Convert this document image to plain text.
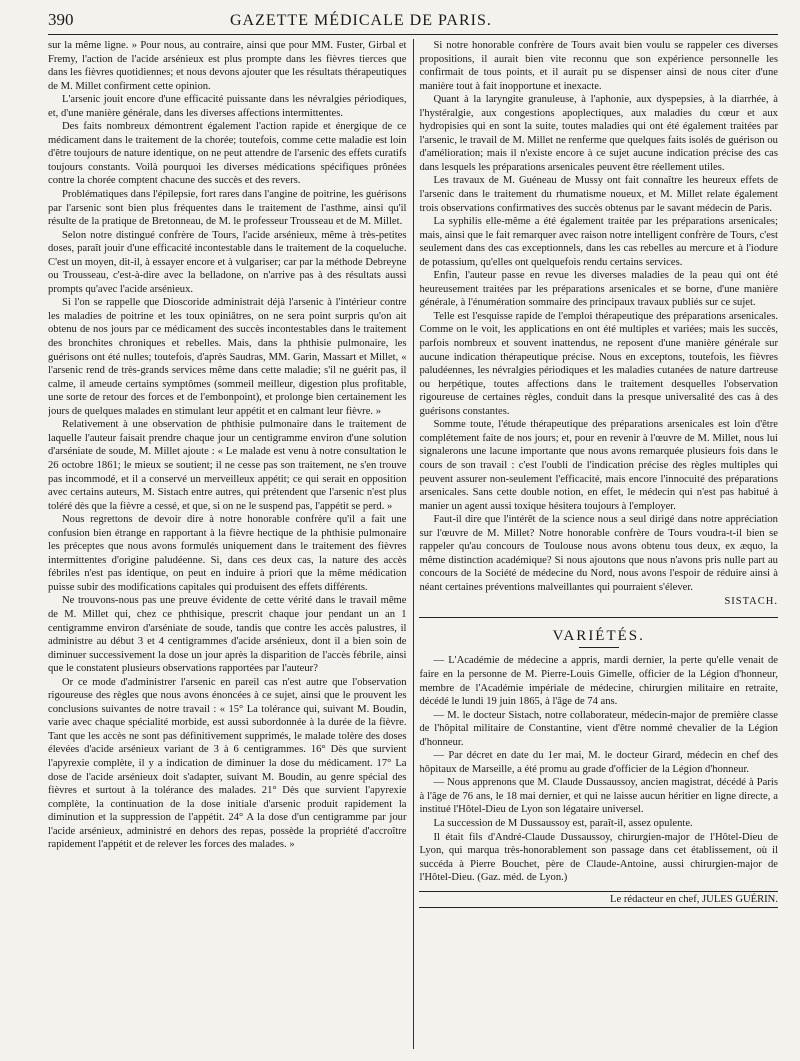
390	GAZETTE MÉDICALE DE PARIS.

sur la même ligne. » Pour nous, au contraire, ainsi que pour MM. Fuster, Girbal et Fremy, l'action de l'acide arsénieux est plus prompte dans les fièvres tierces que dans les fièvres quotidiennes; et nous devons ajouter que les résultats thérapeutiques de M. Millet confirment cette opinion.

L'arsenic jouit encore d'une efficacité puissante dans les névralgies périodiques, et, d'une manière générale, dans les diverses affections intermittentes.

Des faits nombreux démontrent également l'action rapide et énergique de ce médicament dans le traitement de la chorée; toutefois, comme cette maladie est loin d'être toujours de nature identique, on ne peut attendre de l'arsenic des effets curatifs toujours constants. Voilà pourquoi les diverses médications spécifiques prônées contre la chorée comptent chacune des succès et des revers.

Problématiques dans l'épilepsie, fort rares dans l'angine de poitrine, les guérisons par l'arsenic sont bien plus fréquentes dans le traitement de l'asthme, ainsi qu'il résulte de la pratique de Bretonneau, de M. le professeur Trousseau et de M. Millet.

Selon notre distingué confrère de Tours, l'acide arsénieux, même à très-petites doses, paraît jouir d'une efficacité incontestable dans le traitement de la coqueluche. C'est un moyen, dit-il, à essayer encore et à vulgariser; car par la méthode Debreyne ou Trousseau, c'est-à-dire avec la belladone, on n'arrive pas à des résultats aussi prompts qu'avec l'acide arsénieux.

Si l'on se rappelle que Dioscoride administrait déjà l'arsenic à l'intérieur contre les maladies de poitrine et les toux opiniâtres, on ne sera point surpris qu'on ait obtenu de nos jours par ce médicament des succès incontestables dans le traitement des bronchites chroniques et rebelles. Mais, dans la phthisie pulmonaire, les guérisons ont été nulles; toutefois, d'après Saudras, MM. Garin, Massart et Millet, « l'arsenic rend de très-grands services même dans cette maladie; s'il ne guérit pas, il calme, il ameude certains symptômes (sommeil meilleur, digestion plus profitable, une sorte de retour des forces et de l'embonpoint), et prolonge bien certainement les jours de quelques malades en stimulant leur appétit et en calmant leur fièvre. »

Relativement à une observation de phthisie pulmonaire dans le traitement de laquelle l'auteur faisait prendre chaque jour un centigramme environ d'une solution d'arséniate de soude, M. Millet ajoute : « Le malade est venu à notre consultation le 26 octobre 1861; le mieux se soutient; il ne cesse pas son traitement, ne s'en trouve pas incommodé, et il a conservé un merveilleux appétit; ce qui serait en opposition avec certains auteurs, M. Sistach entre autres, qui prétendent que l'arsenic n'est plus toléré dès que la fièvre a cessé, et que, si on ne le suspend pas, l'appétit se perd. »

Nous regrettons de devoir dire à notre honorable confrère qu'il a fait une confusion bien étrange en rapportant à la fièvre hectique de la phthisie pulmonaire les préceptes que nous avons formulés uniquement dans le traitement des fièvres intermittentes d'origine paludéenne. Si, dans ces deux cas, la nature des accès fébriles n'est pas identique, on peut en induire à priori que la même médication puisse subir des modifications capitales qui produisent des effets différents.

Ne trouvons-nous pas une preuve évidente de cette vérité dans le travail même de M. Millet qui, chez ce phthisique, prescrit chaque jour pendant un an 1 centigramme environ d'arséniate de soude, tandis que contre les accès palustres, il administre au début 3 et 4 centigrammes d'acide arsénieux, dont il a bien soin de diminuer successivement la dose un jour après la disparition de l'accès fébrile, ainsi que le constatent plusieurs observations rapportées par l'auteur?

Or ce mode d'administrer l'arsenic en pareil cas n'est autre que l'observation rigoureuse des règles que nous avons énoncées à ce sujet, ainsi que le prouvent les conclusions suivantes de notre travail : « 15° La tolérance qui, suivant M. Boudin, varie avec chaque spécialité morbide, est aussi subordonnée à la durée de la fièvre. Tant que les accès ne sont pas définitivement supprimés, le malade tolère des doses élevées d'acide arsénieux variant de 3 à 6 centigrammes. 16° Dès que survient l'apyrexie complète, il y a indication de diminuer la dose du médicament. 17° La dose de l'acide arsénieux doit s'adapter, suivant M. Boudin, au genre spécial des fièvres et surtout à la tolérance des malades. 21° Dès que survient l'apyrexie complète, la continuation de la dose initiale d'arsenic produit rapidement la diminution et la suppression de l'appétit. 24° A la dose d'un centigramme par jour l'acide arsénieux, administré en dehors des repas, possède la propriété d'accroître rapidement l'appétit et de relever les forces des malades. »

Si notre honorable confrère de Tours avait bien voulu se rappeler ces diverses propositions, il aurait bien vite reconnu que son expérience personnelle les confirmait de tous points, et il aurait pu se dispenser ainsi de nous citer d'une manière tout à fait inopportune et inexacte.

Quant à la laryngite granuleuse, à l'aphonie, aux dyspepsies, à la diarrhée, à l'hystéralgie, aux congestions apoplectiques, aux maladies du cœur et aux hydropisies qui en sont la suite, toutes maladies qui ont été également traitées par l'arsenic, le travail de M. Millet ne renferme que quelques faits isolés de guérison ou d'amélioration; mais il n'existe encore à ce sujet aucune indication précise des cas dans lesquels les préparations arsenicales peuvent être réellement utiles.

Les travaux de M. Guéneau de Mussy ont fait connaître les heureux effets de l'arsenic dans le traitement du rhumatisme noueux, et M. Millet relate également trois observations confirmatives des succès obtenus par le savant médecin de Paris.

La syphilis elle-même a été également traitée par les préparations arsenicales; mais, ainsi que le fait remarquer avec raison notre intelligent confrère de Tours, c'est seulement dans des cas exceptionnels, dans les cas rebelles au mercure et à l'iodure de potassium, qu'elles ont quelquefois rendu certains services.

Enfin, l'auteur passe en revue les diverses maladies de la peau qui ont été heureusement traitées par les préparations arsenicales et se borne, d'une manière générale, à l'énumération sommaire des principaux travaux publiés sur ce sujet.

Telle est l'esquisse rapide de l'emploi thérapeutique des préparations arsenicales. Comme on le voit, les applications en ont été multiples et variées; mais les succès, parfois nombreux et souvent inattendus, ne reposent d'une manière générale sur aucune indication thérapeutique précise. Nous en exceptons, toutefois, les fièvres paludéennes, les névralgies périodiques et les maladies cutanées de nature dartreuse ou herpétique, toutes affections dans le traitement desquelles l'observation rigoureuse de certaines règles, conduit dans la presque universalité des cas à des guérisons constantes.

Somme toute, l'étude thérapeutique des préparations arsenicales est loin d'être complétement faite de nos jours; et, pour en revenir à l'œuvre de M. Millet, nous lui signalerons une lacune importante que nous avons remarquée plusieurs fois dans le cours de son travail : c'est l'oubli de l'indication précise des règles multiples qui peuvent assurer non-seulement l'efficacité, mais encore l'innocuité des préparations arsenicales. Sans cette double notion, en effet, le médecin qui n'est pas habitué à manier un agent aussi toxique hésitera toujours à l'employer.

Faut-il dire que l'intérêt de la science nous a seul dirigé dans notre appréciation sur l'œuvre de M. Millet? Notre honorable confrère de Tours voudra-t-il bien se rappeler qu'au concours de Toulouse nous avons obtenu tous deux, ex æquo, la même distinction académique? Si nous ajoutons que nous n'avons pris nulle part au concours de la Société de médecine du Nord, nous avons l'espoir de réduire ainsi à néant certaines préventions malveillantes qui pourraient s'élever.

SISTACH.
VARIÉTÉS.

— L'Académie de médecine a appris, mardi dernier, la perte qu'elle venait de faire en la personne de M. Pierre-Louis Gimelle, officier de la Légion d'honneur, membre de l'Académie impériale de médecine, chirurgien militaire en retraite, décédé le lundi 19 juin 1865, à l'âge de 74 ans.

— M. le docteur Sistach, notre collaborateur, médecin-major de première classe de l'hôpital militaire de Constantine, vient d'être nommé chevalier de la Légion d'honneur.

— Par décret en date du 1er mai, M. le docteur Girard, médecin en chef des hôpitaux de Marseille, a été promu au grade d'officier de la Légion d'honneur.

— Nous apprenons que M. Claude Dussaussoy, ancien magistrat, décédé à Paris à l'âge de 76 ans, le 18 mai dernier, et qui ne laisse aucun héritier en ligne directe, a institué l'Hôtel-Dieu de Lyon son légataire universel.

La succession de M Dussaussoy est, paraît-il, assez opulente.

Il était fils d'André-Claude Dussaussoy, chirurgien-major de l'Hôtel-Dieu de Lyon, qui marqua très-honorablement son passage dans cet établissement, où il succéda à Pierre Bouchet, père de Claude-Antoine, aussi chirurgien-major de l'Hôtel-Dieu. (Gaz. méd. de Lyon.)

Le rédacteur en chef, JULES GUÉRIN.
